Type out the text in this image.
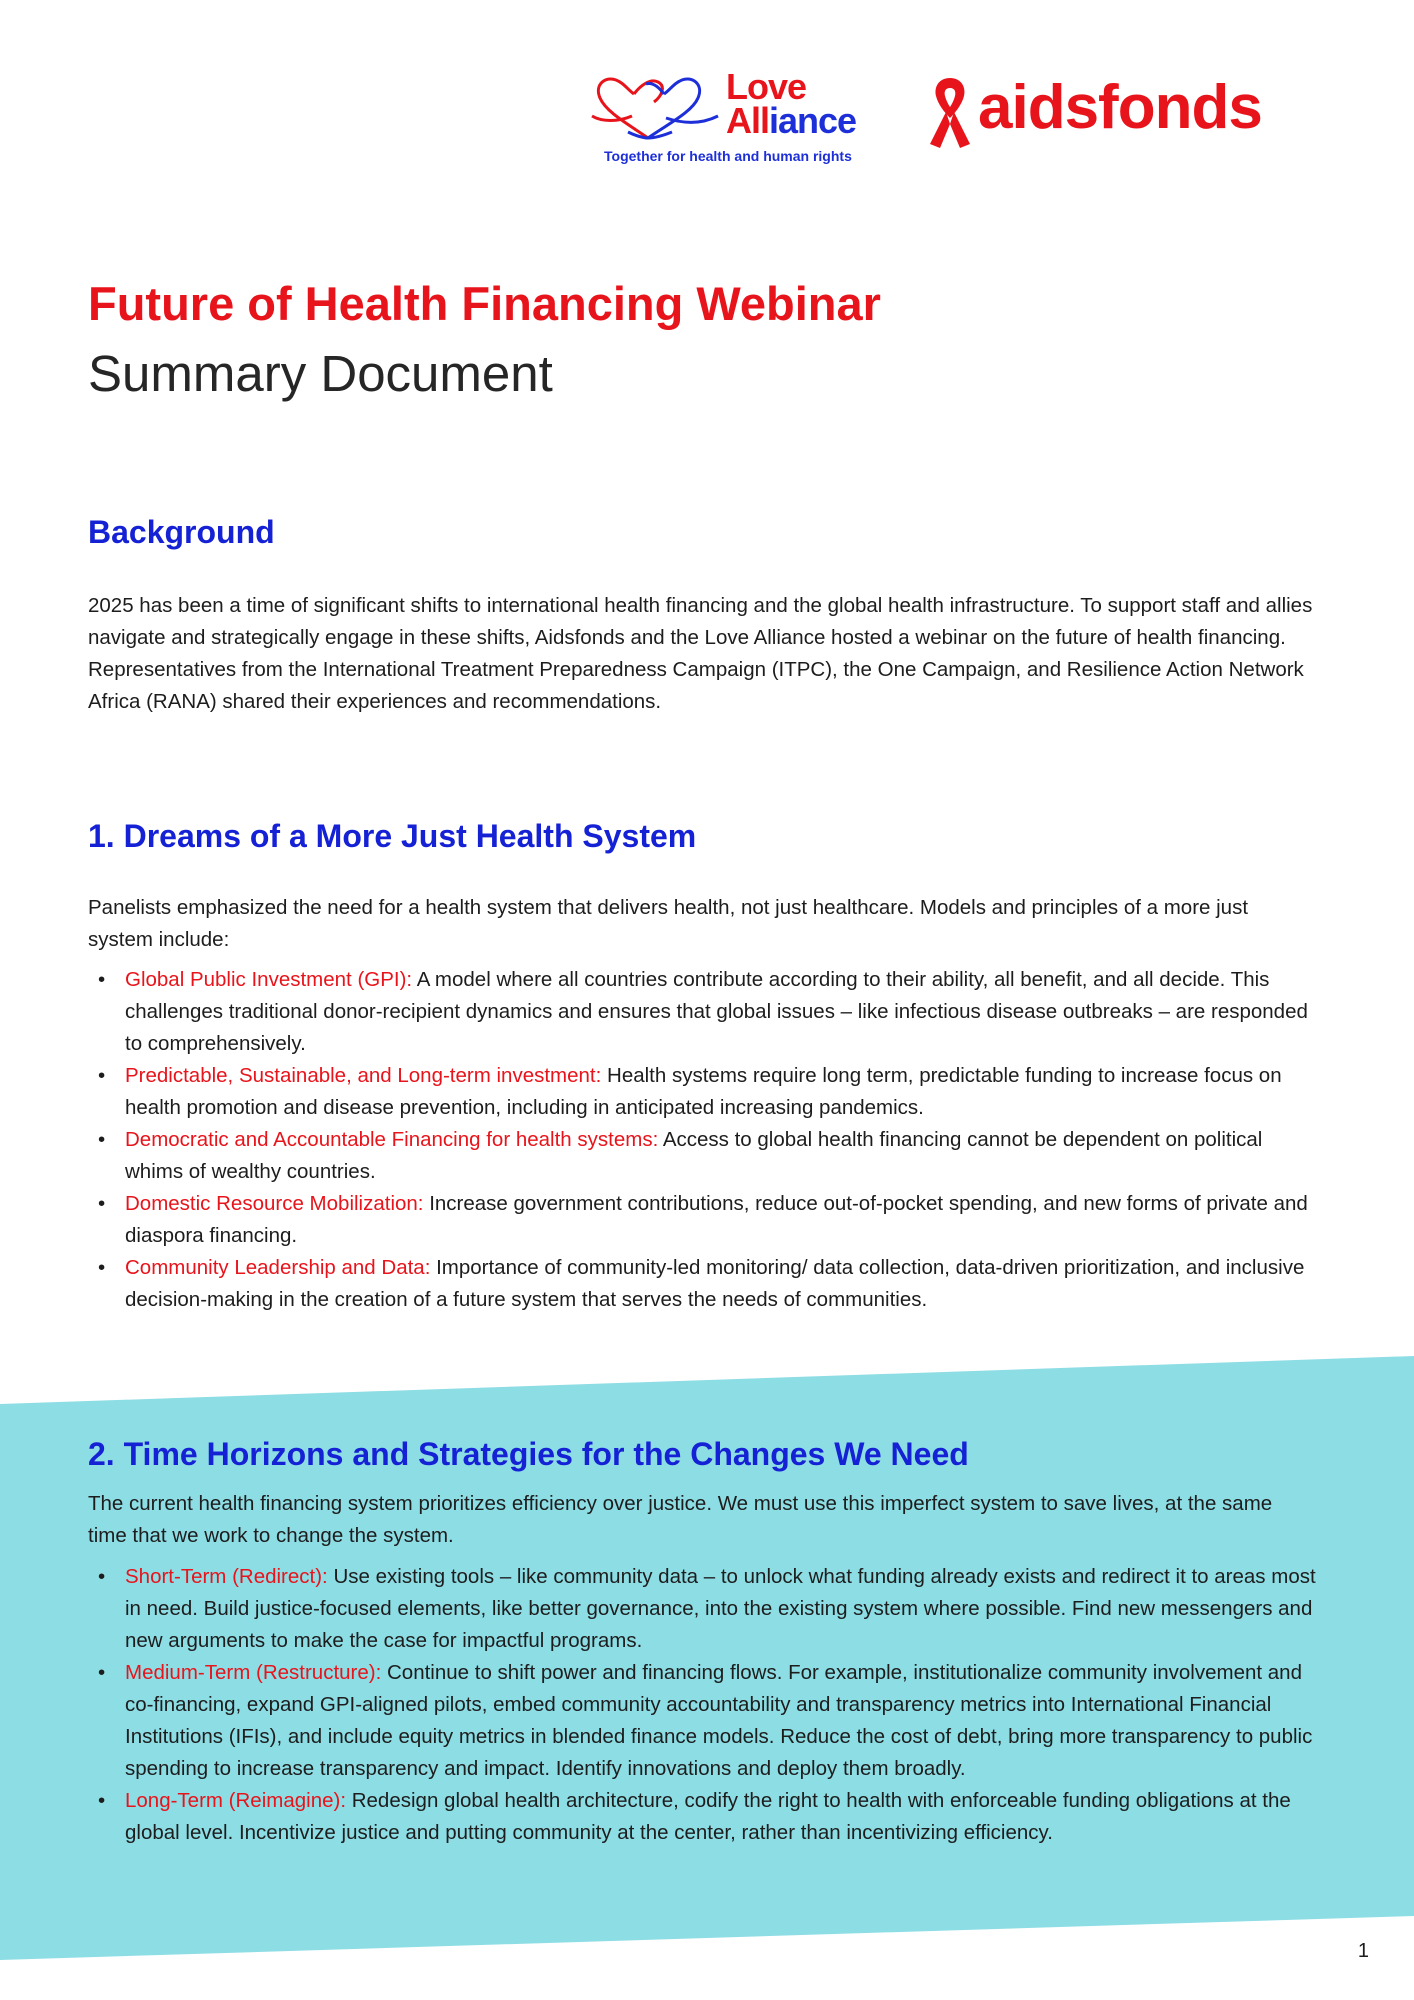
Love
Alliance
Together for health and human rights
aidsfonds
Future of Health Financing Webinar
Summary Document
Background

2025 has been a time of significant shifts to international health financing and the global health infrastructure. To support staff and allies navigate and strategically engage in these shifts, Aidsfonds and the Love Alliance hosted a webinar on the future of health financing. Representatives from the International Treatment Preparedness Campaign (ITPC), the One Campaign, and Resilience Action Network Africa (RANA) shared their experiences and recommendations.

1. Dreams of a More Just Health System

Panelists emphasized the need for a health system that delivers health, not just healthcare. Models and principles of a more just system include:

• Global Public Investment (GPI): A model where all countries contribute according to their ability, all benefit, and all decide. This challenges traditional donor-recipient dynamics and ensures that global issues – like infectious disease outbreaks – are responded to comprehensively.
• Predictable, Sustainable, and Long-term investment: Health systems require long term, predictable funding to increase focus on health promotion and disease prevention, including in anticipated increasing pandemics.
• Democratic and Accountable Financing for health systems: Access to global health financing cannot be dependent on political whims of wealthy countries.
• Domestic Resource Mobilization: Increase government contributions, reduce out-of-pocket spending, and new forms of private and diaspora financing.
• Community Leadership and Data: Importance of community-led monitoring/ data collection, data-driven prioritization, and inclusive decision-making in the creation of a future system that serves the needs of communities.
2. Time Horizons and Strategies for the Changes We Need

The current health financing system prioritizes efficiency over justice. We must use this imperfect system to save lives, at the same time that we work to change the system.

• Short-Term (Redirect): Use existing tools – like community data – to unlock what funding already exists and redirect it to areas most in need. Build justice-focused elements, like better governance, into the existing system where possible. Find new messengers and new arguments to make the case for impactful programs.
• Medium-Term (Restructure): Continue to shift power and financing flows. For example, institutionalize community involvement and co-financing, expand GPI-aligned pilots, embed community accountability and transparency metrics into International Financial Institutions (IFIs), and include equity metrics in blended finance models. Reduce the cost of debt, bring more transparency to public spending to increase transparency and impact. Identify innovations and deploy them broadly.
• Long-Term (Reimagine): Redesign global health architecture, codify the right to health with enforceable funding obligations at the global level. Incentivize justice and putting community at the center, rather than incentivizing efficiency.
1
